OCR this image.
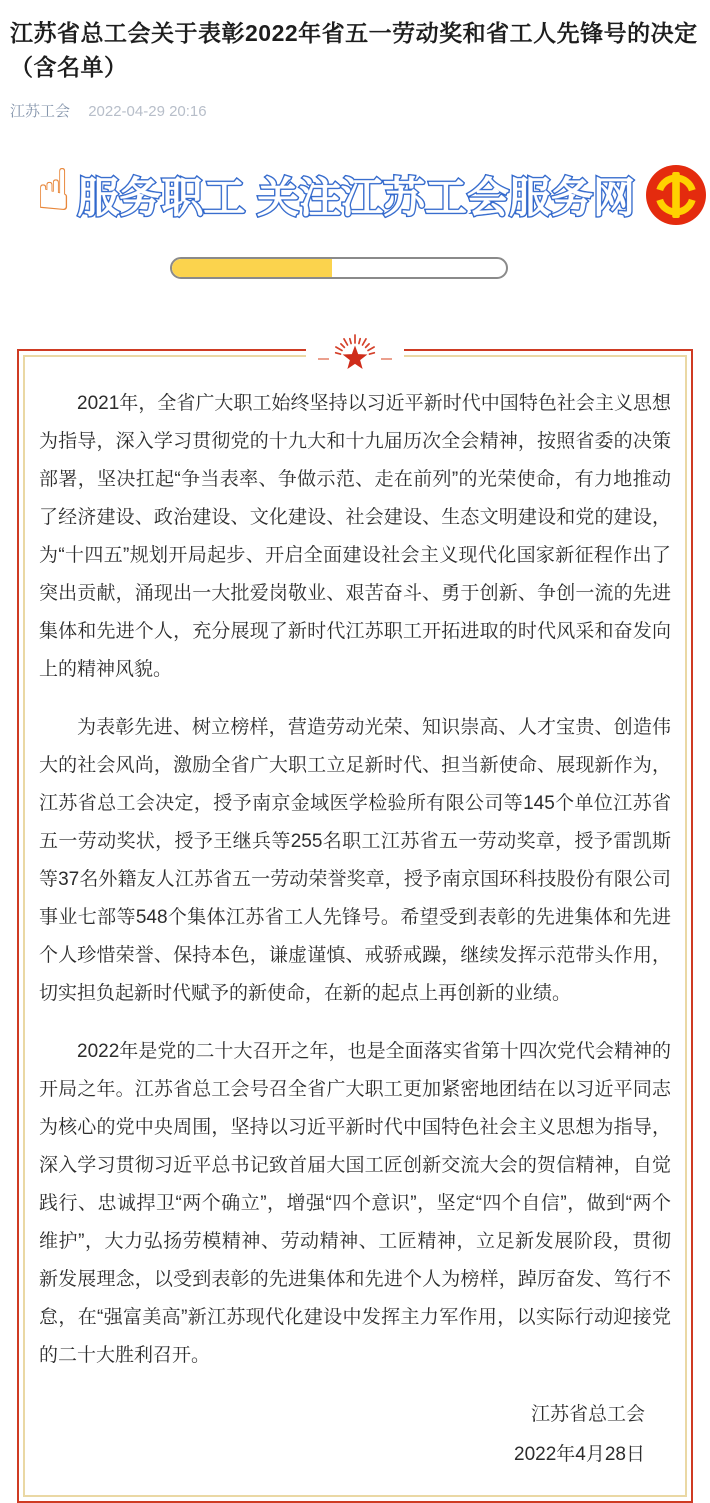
江苏省总工会关于表彰2022年省五一劳动奖和省工人先锋号的决定（含名单）
江苏工会 2022-04-29 20:16
☝ 服务职工 关注江苏工会服务网

2021年，全省广大职工始终坚持以习近平新时代中国特色社会主义思想为指导，深入学习贯彻党的十九大和十九届历次全会精神，按照省委的决策部署，坚决扛起“争当表率、争做示范、走在前列”的光荣使命，有力地推动了经济建设、政治建设、文化建设、社会建设、生态文明建设和党的建设，为“十四五”规划开局起步、开启全面建设社会主义现代化国家新征程作出了突出贡献，涌现出一大批爱岗敬业、艰苦奋斗、勇于创新、争创一流的先进集体和先进个人，充分展现了新时代江苏职工开拓进取的时代风采和奋发向上的精神风貌。

为表彰先进、树立榜样，营造劳动光荣、知识崇高、人才宝贵、创造伟大的社会风尚，激励全省广大职工立足新时代、担当新使命、展现新作为，江苏省总工会决定，授予南京金域医学检验所有限公司等145个单位江苏省五一劳动奖状，授予王继兵等255名职工江苏省五一劳动奖章，授予雷凯斯等37名外籍友人江苏省五一劳动荣誉奖章，授予南京国环科技股份有限公司事业七部等548个集体江苏省工人先锋号。希望受到表彰的先进集体和先进个人珍惜荣誉、保持本色，谦虚谨慎、戒骄戒躁，继续发挥示范带头作用，切实担负起新时代赋予的新使命，在新的起点上再创新的业绩。

2022年是党的二十大召开之年，也是全面落实省第十四次党代会精神的开局之年。江苏省总工会号召全省广大职工更加紧密地团结在以习近平同志为核心的党中央周围，坚持以习近平新时代中国特色社会主义思想为指导，深入学习贯彻习近平总书记致首届大国工匠创新交流大会的贺信精神，自觉践行、忠诚捍卫“两个确立”，增强“四个意识”，坚定“四个自信”，做到“两个维护”，大力弘扬劳模精神、劳动精神、工匠精神，立足新发展阶段，贯彻新发展理念，以受到表彰的先进集体和先进个人为榜样，踔厉奋发、笃行不怠，在“强富美高”新江苏现代化建设中发挥主力军作用，以实际行动迎接党的二十大胜利召开。

江苏省总工会
2022年4月28日
